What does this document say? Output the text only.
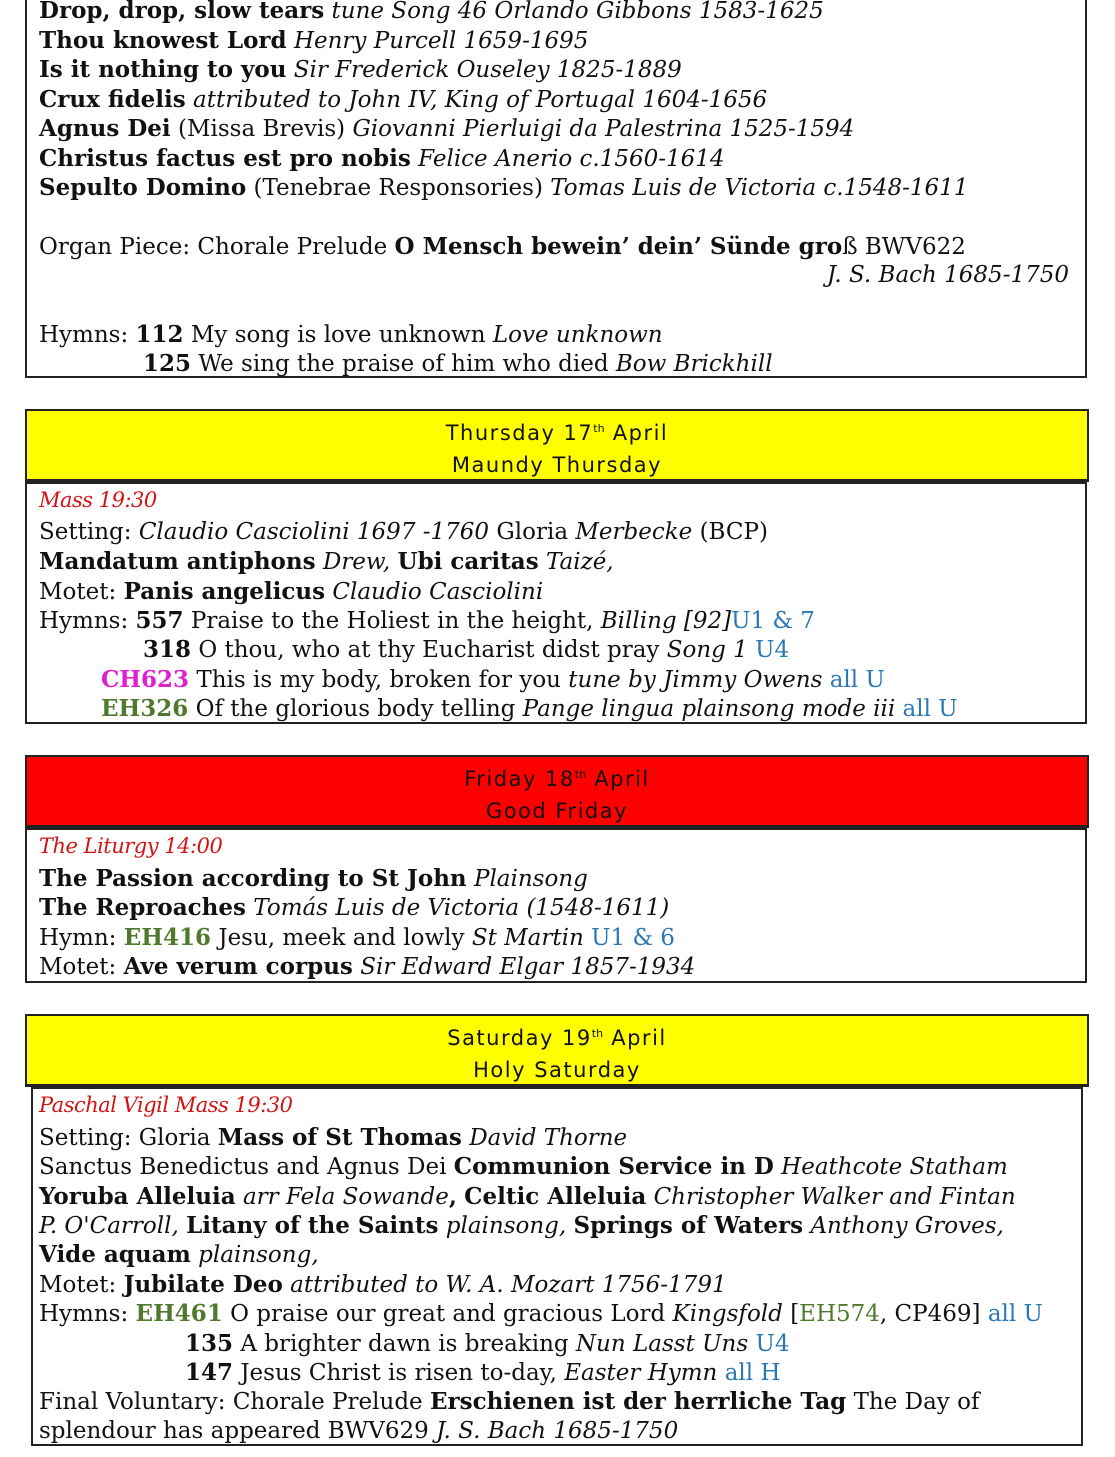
Drop, drop, slow tears tune Song 46 Orlando Gibbons 1583-1625
Thou knowest Lord Henry Purcell 1659-1695
Is it nothing to you Sir Frederick Ouseley 1825-1889
Crux fidelis attributed to John IV, King of Portugal 1604-1656
Agnus Dei (Missa Brevis) Giovanni Pierluigi da Palestrina 1525-1594
Christus factus est pro nobis Felice Anerio c.1560-1614
Sepulto Domino (Tenebrae Responsories) Tomas Luis de Victoria c.1548-1611
Organ Piece: Chorale Prelude O Mensch bewein’ dein’ Sünde groß BWV622
J. S. Bach 1685-1750
Hymns: 112 My song is love unknown Love unknown
125 We sing the praise of him who died Bow Brickhill
Thursday 17th April
Maundy Thursday
Mass 19:30
Setting: Claudio Casciolini 1697 -1760 Gloria Merbecke (BCP)
Mandatum antiphons Drew, Ubi caritas Taizé,
Motet: Panis angelicus Claudio Casciolini
Hymns: 557 Praise to the Holiest in the height, Billing [92]U1 & 7
318 O thou, who at thy Eucharist didst pray Song 1 U4
CH623 This is my body, broken for you tune by Jimmy Owens all U
EH326 Of the glorious body telling Pange lingua plainsong mode iii all U
Friday 18th April
Good Friday
The Liturgy 14:00
The Passion according to St John Plainsong
The Reproaches Tomás Luis de Victoria (1548-1611)
Hymn: EH416 Jesu, meek and lowly St Martin U1 & 6
Motet: Ave verum corpus Sir Edward Elgar 1857-1934
Saturday 19th April
Holy Saturday
Paschal Vigil Mass 19:30
Setting: Gloria Mass of St Thomas David Thorne
Sanctus Benedictus and Agnus Dei Communion Service in D Heathcote Statham
Yoruba Alleluia arr Fela Sowande, Celtic Alleluia Christopher Walker and Fintan
P. O'Carroll, Litany of the Saints plainsong, Springs of Waters Anthony Groves,
Vide aquam plainsong,
Motet: Jubilate Deo attributed to W. A. Mozart 1756-1791
Hymns: EH461 O praise our great and gracious Lord Kingsfold [EH574, CP469] all U
135 A brighter dawn is breaking Nun Lasst Uns U4
147 Jesus Christ is risen to-day, Easter Hymn all H
Final Voluntary: Chorale Prelude Erschienen ist der herrliche Tag The Day of
splendour has appeared BWV629 J. S. Bach 1685-1750
